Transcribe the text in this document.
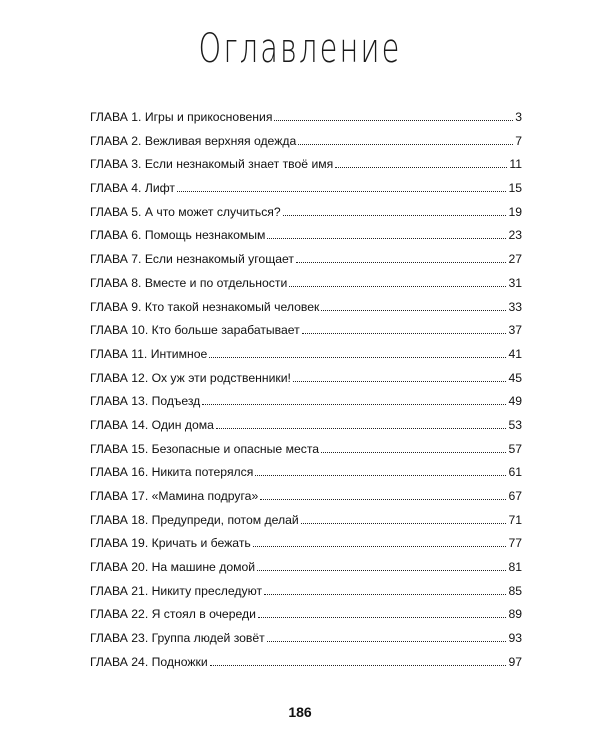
Оглавление
ГЛАВА 1. Игры и прикосновения	3
ГЛАВА 2. Вежливая верхняя одежда	7
ГЛАВА 3. Если незнакомый знает твоё имя	11
ГЛАВА 4. Лифт	15
ГЛАВА 5. А что может случиться?	19
ГЛАВА 6. Помощь незнакомым	23
ГЛАВА 7. Если незнакомый угощает	27
ГЛАВА 8. Вместе и по отдельности	31
ГЛАВА 9. Кто такой незнакомый человек	33
ГЛАВА 10. Кто больше зарабатывает	37
ГЛАВА 11. Интимное	41
ГЛАВА 12. Ох уж эти родственники!	45
ГЛАВА 13. Подъезд	49
ГЛАВА 14. Один дома	53
ГЛАВА 15. Безопасные и опасные места	57
ГЛАВА 16. Никита потерялся	61
ГЛАВА 17. «Мамина подруга»	67
ГЛАВА 18. Предупреди, потом делай	71
ГЛАВА 19. Кричать и бежать	77
ГЛАВА 20. На машине домой	81
ГЛАВА 21. Никиту преследуют	85
ГЛАВА 22. Я стоял в очереди	89
ГЛАВА 23. Группа людей зовёт	93
ГЛАВА 24. Подножки	97
186
